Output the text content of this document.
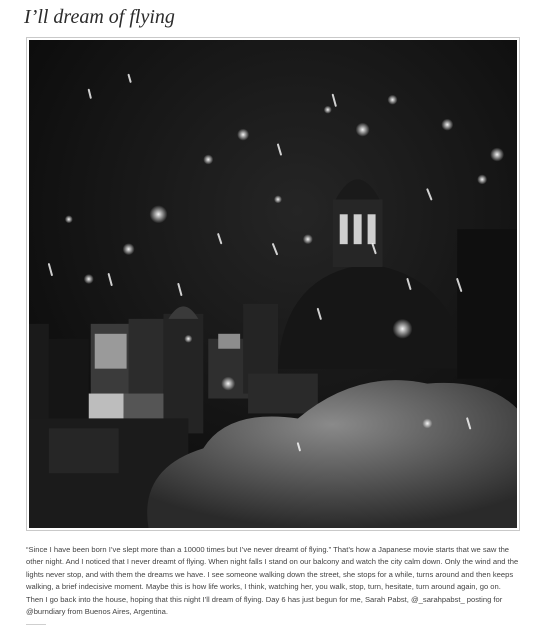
I’ll dream of flying

“Since I have been born I’ve slept more than a 10000 times but I’ve never dreamt of flying.” That’s how a Japanese movie starts that we saw the other night. And I noticed that I never dreamt of flying. When night falls I stand on our balcony and watch the city calm down. Only the wind and the lights never stop, and with them the dreams we have. I see someone walking down the street, she stops for a while, turns around and then keeps walking, a brief indecisive moment. Maybe this is how life works, I think, watching her, you walk, stop, turn, hesitate, turn around again, go on. Then I go back into the house, hoping that this night I’ll dream of flying. Day 6 has just begun for me, Sarah Pabst, @_sarahpabst_ posting for @burndiary from Buenos Aires, Argentina.
